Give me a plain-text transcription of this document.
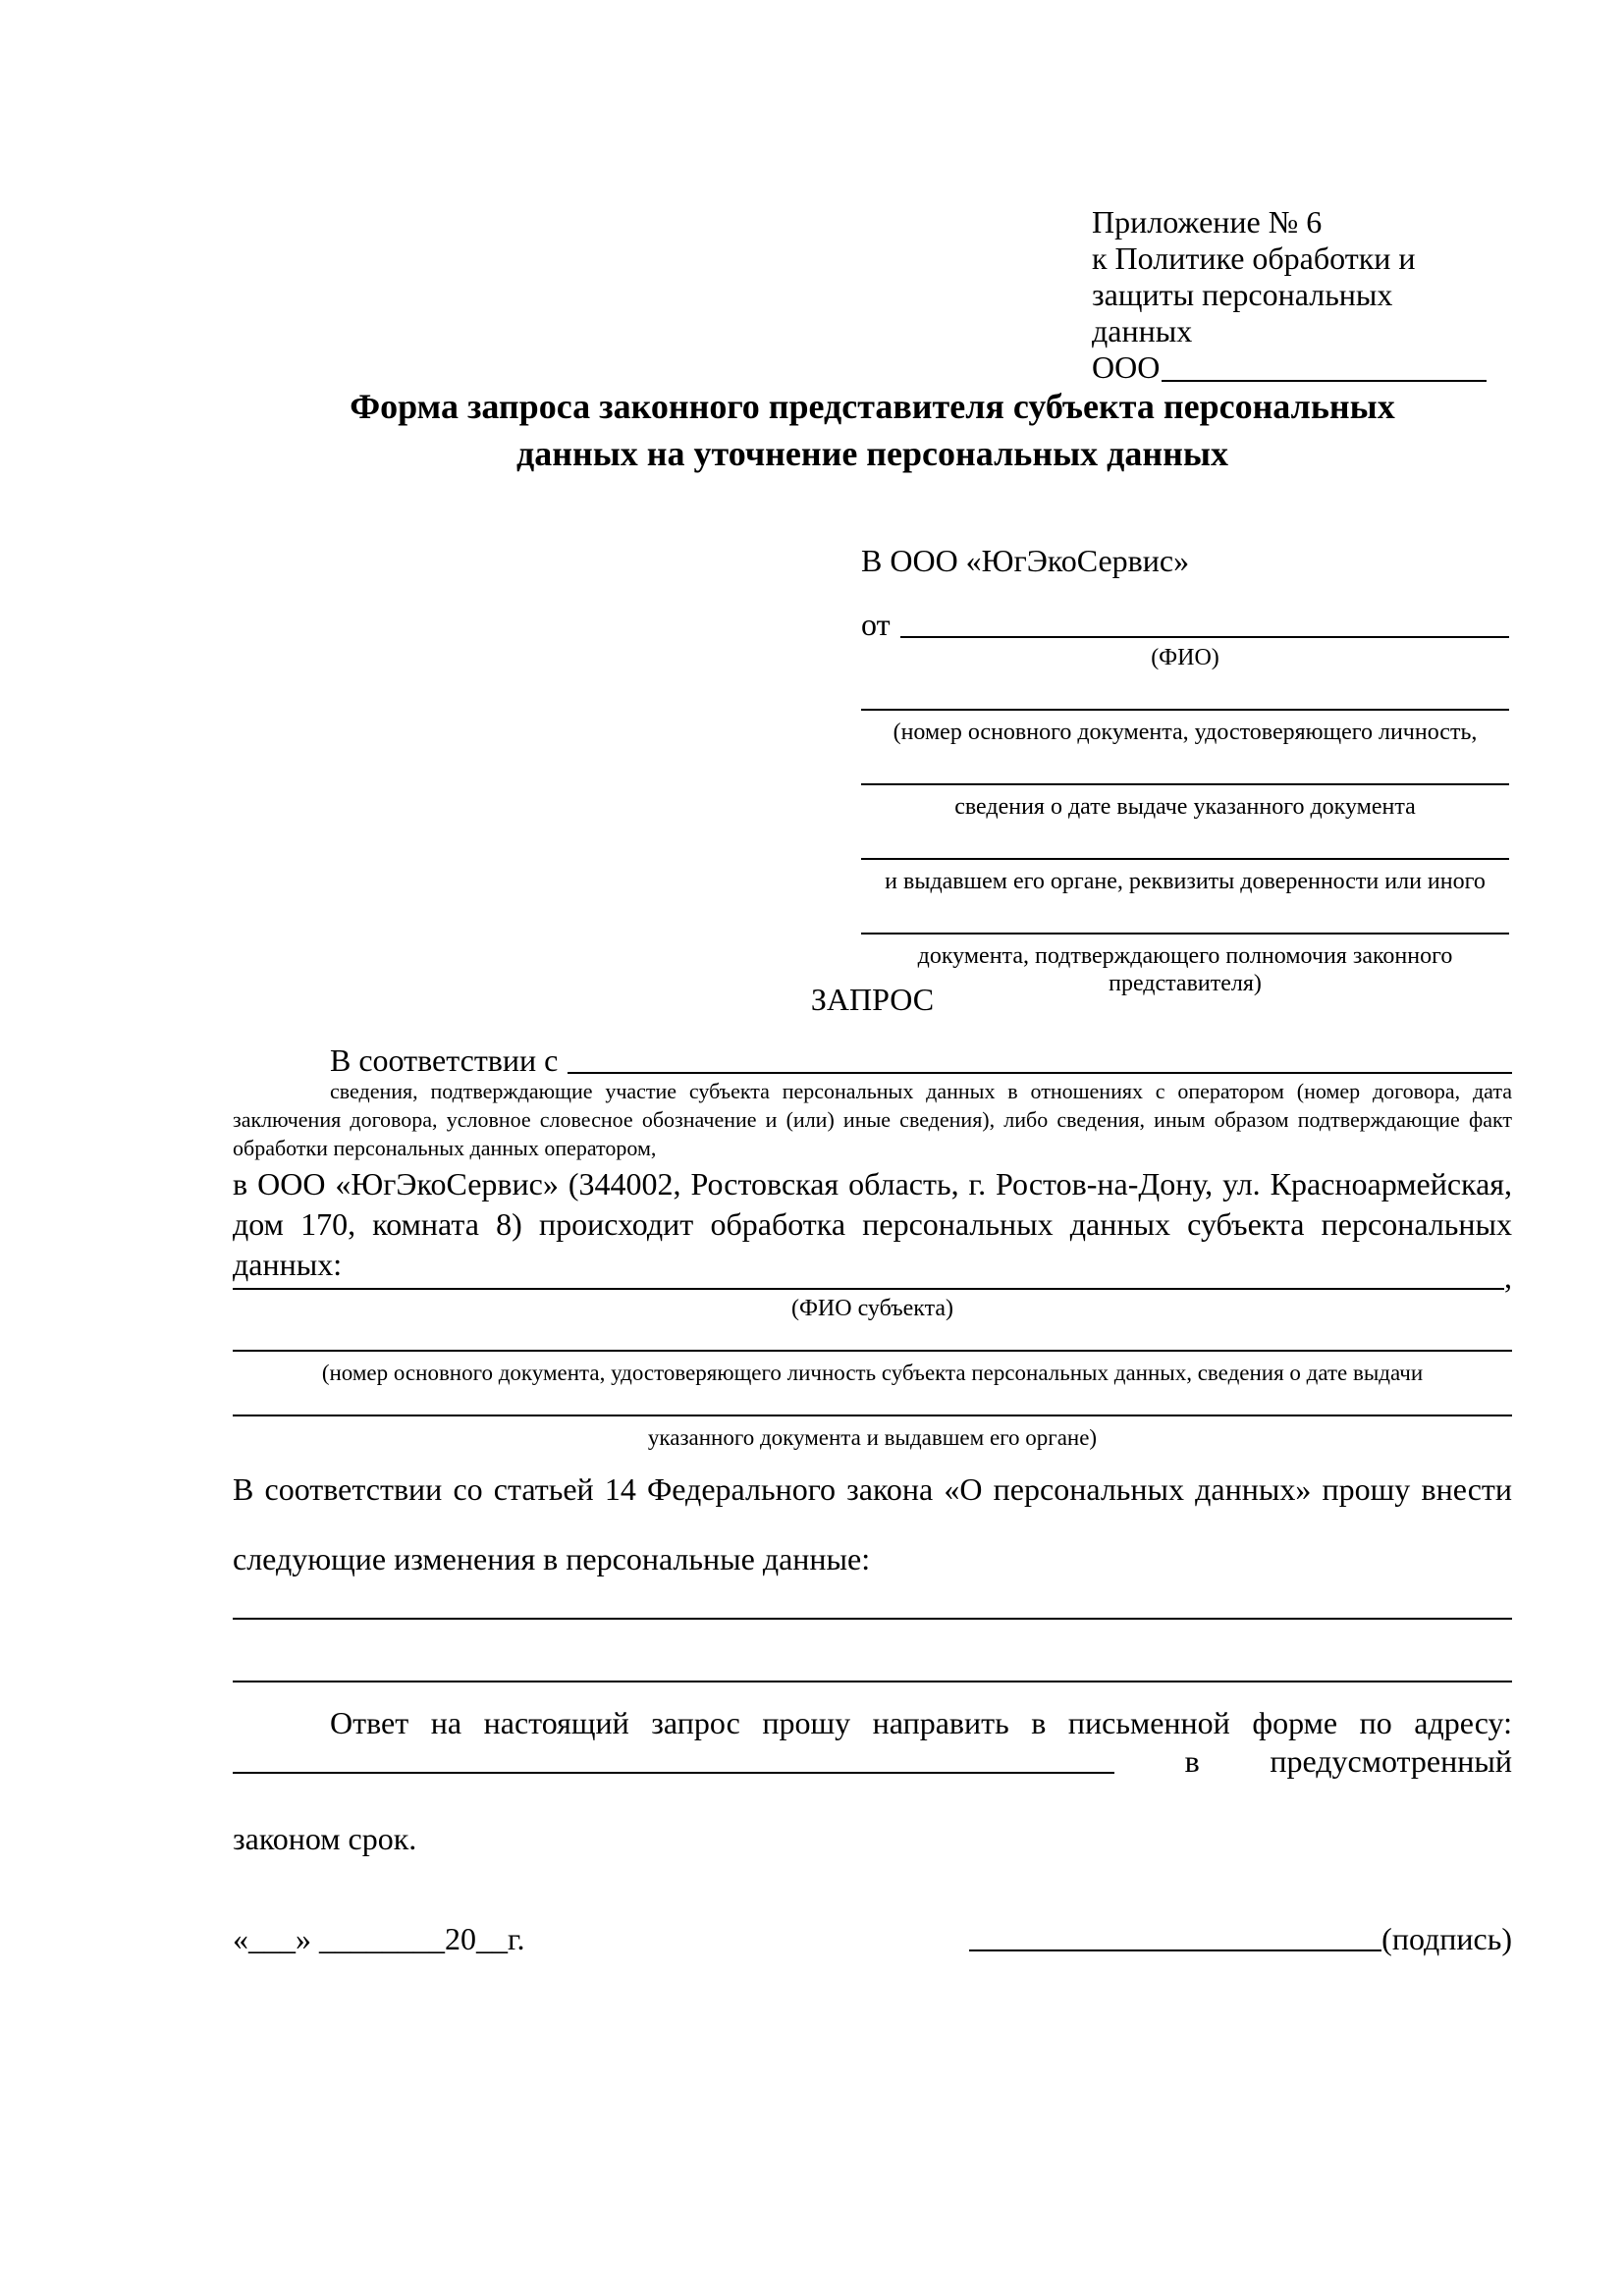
Приложение № 6
к Политике обработки и
защиты персональных данных
ООО
Форма запроса законного представителя субъекта персональных
данных на уточнение персональных данных
В ООО «ЮгЭкоСервис»
от
(ФИО)
(номер основного документа, удостоверяющего личность,
сведения о дате выдаче указанного документа
и выдавшем его органе, реквизиты доверенности или иного
документа, подтверждающего полномочия законного представителя)
ЗАПРОС
В соответствии с
сведения, подтверждающие участие субъекта персональных данных в отношениях с оператором (номер договора, дата заключения договора, условное словесное обозначение и (или) иные сведения), либо сведения, иным образом подтверждающие факт обработки персональных данных оператором,
в ООО «ЮгЭкоСервис» (344002, Ростовская область, г. Ростов-на-Дону, ул. Красноармейская, дом 170, комната 8) происходит обработка персональных данных субъекта персональных данных:	,
(ФИО субъекта)
(номер основного документа, удостоверяющего личность субъекта персональных данных, сведения о дате выдачи
указанного документа и выдавшем его органе)
В соответствии со статьей 14 Федерального закона «О персональных данных» прошу внести следующие изменения в персональные данные:
Ответ на настоящий запрос прошу направить в письменной форме по адресу:
в предусмотренный
законом срок.
«___» ________20__г.	(подпись)
